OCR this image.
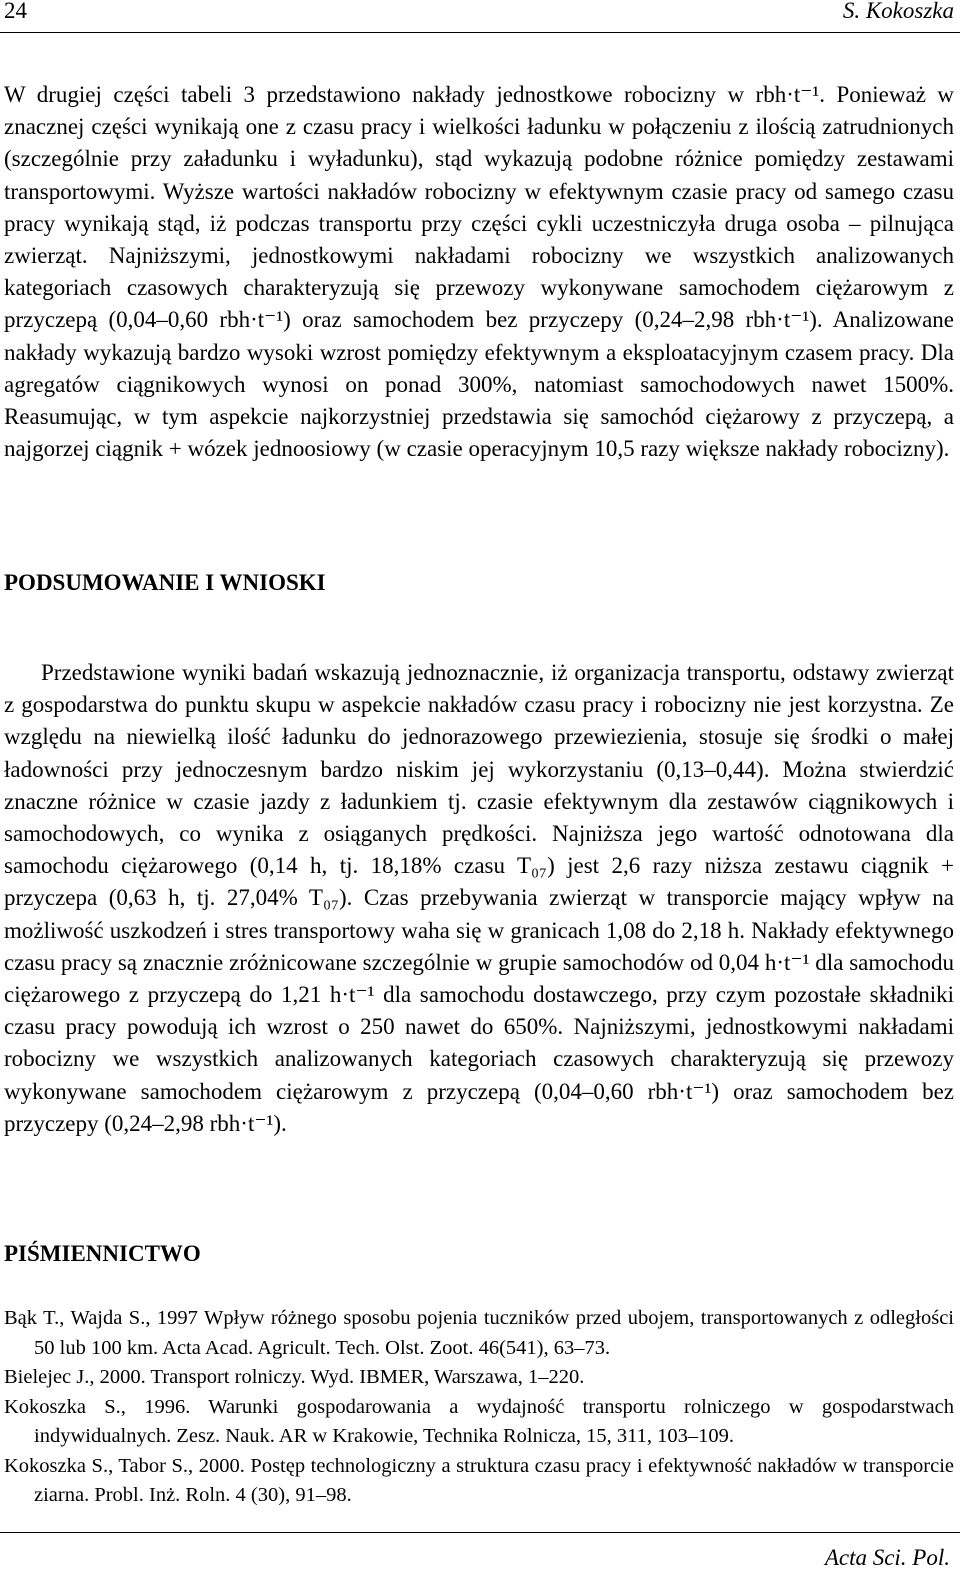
24	S. Kokoszka

W drugiej części tabeli 3 przedstawiono nakłady jednostkowe robocizny w rbh·t⁻¹. Ponieważ w znacznej części wynikają one z czasu pracy i wielkości ładunku w połączeniu z ilością zatrudnionych (szczególnie przy załadunku i wyładunku), stąd wykazują podobne różnice pomiędzy zestawami transportowymi. Wyższe wartości nakładów robocizny w efektywnym czasie pracy od samego czasu pracy wynikają stąd, iż podczas transportu przy części cykli uczestniczyła druga osoba – pilnująca zwierząt. Najniższymi, jednostkowymi nakładami robocizny we wszystkich analizowanych kategoriach czasowych charakteryzują się przewozy wykonywane samochodem ciężarowym z przyczepą (0,04–0,60 rbh·t⁻¹) oraz samochodem bez przyczepy (0,24–2,98 rbh·t⁻¹). Analizowane nakłady wykazują bardzo wysoki wzrost pomiędzy efektywnym a eksploatacyjnym czasem pracy. Dla agregatów ciągnikowych wynosi on ponad 300%, natomiast samochodowych nawet 1500%. Reasumując, w tym aspekcie najkorzystniej przedstawia się samochód ciężarowy z przyczepą, a najgorzej ciągnik + wózek jednoosiowy (w czasie operacyjnym 10,5 razy większe nakłady robocizny).

PODSUMOWANIE I WNIOSKI

Przedstawione wyniki badań wskazują jednoznacznie, iż organizacja transportu, odstawy zwierząt z gospodarstwa do punktu skupu w aspekcie nakładów czasu pracy i robocizny nie jest korzystna. Ze względu na niewielką ilość ładunku do jednorazowego przewiezienia, stosuje się środki o małej ładowności przy jednoczesnym bardzo niskim jej wykorzystaniu (0,13–0,44). Można stwierdzić znaczne różnice w czasie jazdy z ładunkiem tj. czasie efektywnym dla zestawów ciągnikowych i samochodowych, co wynika z osiąganych prędkości. Najniższa jego wartość odnotowana dla samochodu ciężarowego (0,14 h, tj. 18,18% czasu T₀₇) jest 2,6 razy niższa zestawu ciągnik + przyczepa (0,63 h, tj. 27,04% T₀₇). Czas przebywania zwierząt w transporcie mający wpływ na możliwość uszkodzeń i stres transportowy waha się w granicach 1,08 do 2,18 h. Nakłady efektywnego czasu pracy są znacznie zróżnicowane szczególnie w grupie samochodów od 0,04 h·t⁻¹ dla samochodu ciężarowego z przyczepą do 1,21 h·t⁻¹ dla samochodu dostawczego, przy czym pozostałe składniki czasu pracy powodują ich wzrost o 250 nawet do 650%. Najniższymi, jednostkowymi nakładami robocizny we wszystkich analizowanych kategoriach czasowych charakteryzują się przewozy wykonywane samochodem ciężarowym z przyczepą (0,04–0,60 rbh·t⁻¹) oraz samochodem bez przyczepy (0,24–2,98 rbh·t⁻¹).

PIŚMIENNICTWO
Bąk T., Wajda S., 1997 Wpływ różnego sposobu pojenia tuczników przed ubojem, transportowanych z odległości 50 lub 100 km. Acta Acad. Agricult. Tech. Olst. Zoot. 46(541), 63–73.
Bielejec J., 2000. Transport rolniczy. Wyd. IBMER, Warszawa, 1–220.
Kokoszka S., 1996. Warunki gospodarowania a wydajność transportu rolniczego w gospodarstwach indywidualnych. Zesz. Nauk. AR w Krakowie, Technika Rolnicza, 15, 311, 103–109.
Kokoszka S., Tabor S., 2000. Postęp technologiczny a struktura czasu pracy i efektywność nakładów w transporcie ziarna. Probl. Inż. Roln. 4 (30), 91–98.
Acta Sci. Pol.
